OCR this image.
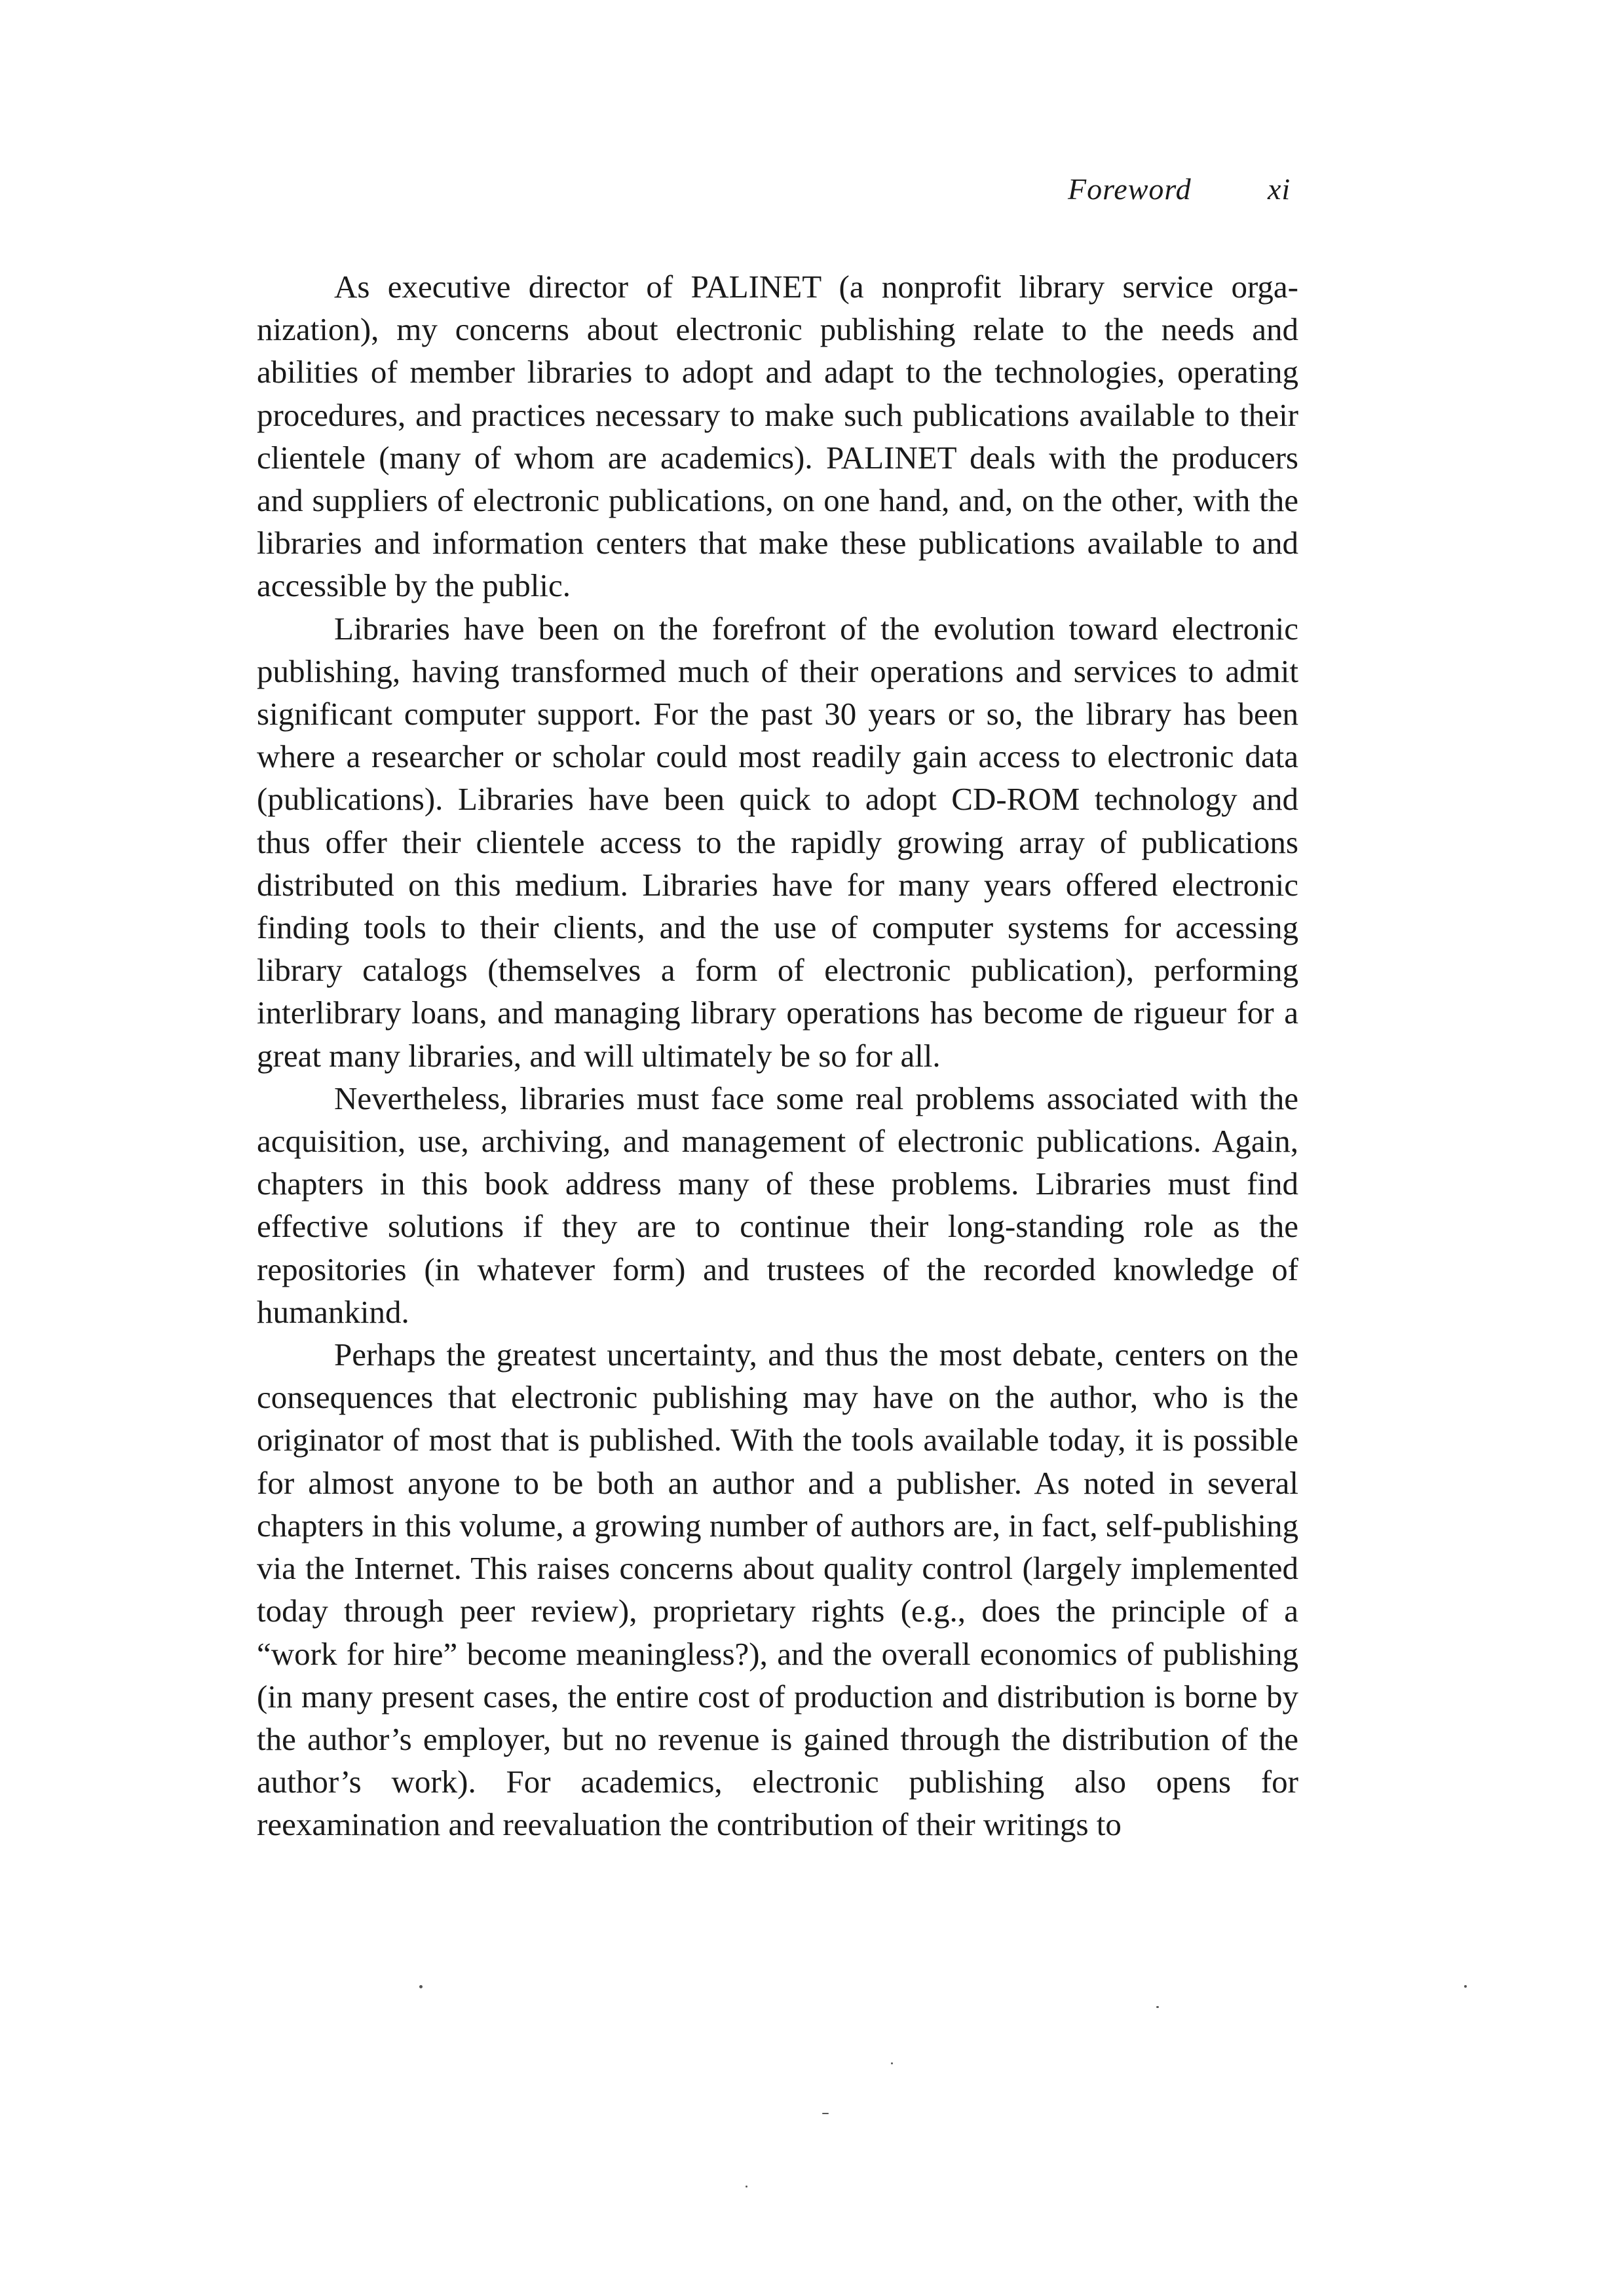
Foreword	xi

As executive director of PALINET (a nonprofit library service organization), my concerns about electronic publishing relate to the needs and abilities of member libraries to adopt and adapt to the technologies, operating procedures, and practices necessary to make such publications available to their clientele (many of whom are academics). PALINET deals with the producers and suppliers of electronic publications, on one hand, and, on the other, with the libraries and information centers that make these publications available to and accessible by the public.

Libraries have been on the forefront of the evolution toward electronic publishing, having transformed much of their operations and services to admit significant computer support. For the past 30 years or so, the library has been where a researcher or scholar could most readily gain access to electronic data (publications). Libraries have been quick to adopt CD-ROM technology and thus offer their clientele access to the rapidly growing array of publications distributed on this medium. Libraries have for many years offered electronic finding tools to their clients, and the use of computer systems for accessing library catalogs (themselves a form of electronic publication), performing interlibrary loans, and managing library operations has become de rigueur for a great many libraries, and will ultimately be so for all.

Nevertheless, libraries must face some real problems associated with the acquisition, use, archiving, and management of electronic publications. Again, chapters in this book address many of these problems. Libraries must find effective solutions if they are to continue their long-standing role as the repositories (in whatever form) and trustees of the recorded knowledge of humankind.

Perhaps the greatest uncertainty, and thus the most debate, centers on the consequences that electronic publishing may have on the author, who is the originator of most that is published. With the tools available today, it is possible for almost anyone to be both an author and a publisher. As noted in several chapters in this volume, a growing number of authors are, in fact, self-publishing via the Internet. This raises concerns about quality control (largely implemented today through peer review), proprietary rights (e.g., does the principle of a “work for hire” become meaningless?), and the overall economics of publishing (in many present cases, the entire cost of production and distribution is borne by the author’s employer, but no revenue is gained through the distribution of the author’s work). For academics, electronic publishing also opens for reexamination and reevaluation the contribution of their writings to
